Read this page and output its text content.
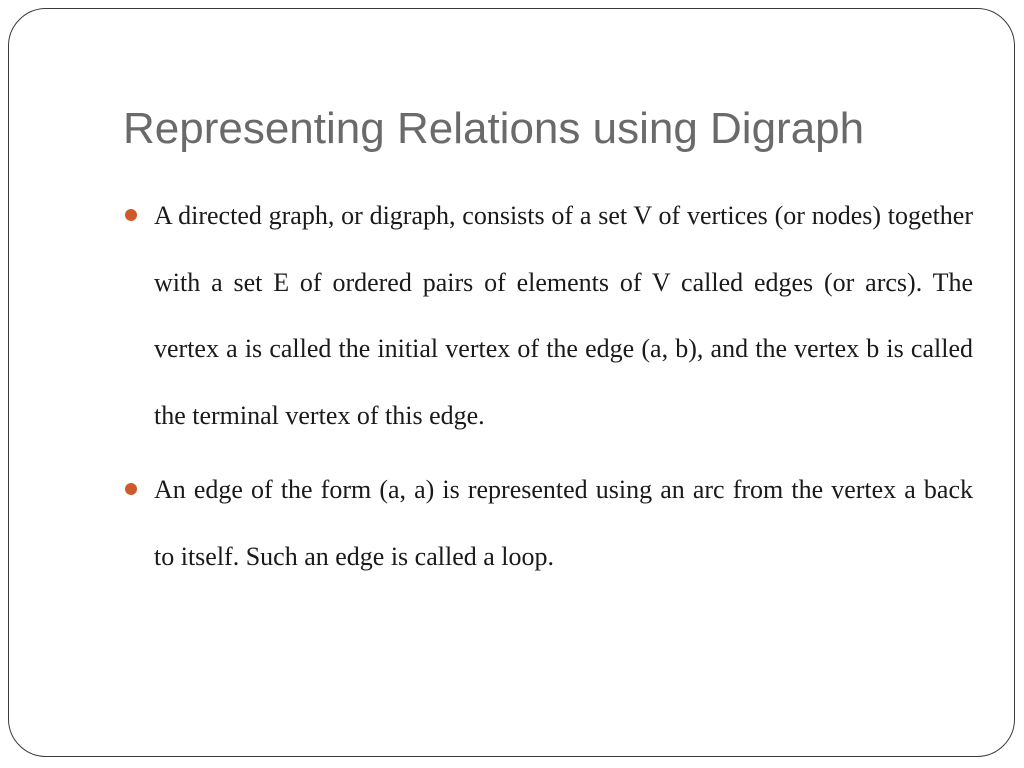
Representing Relations using Digraph
A directed graph, or digraph, consists of a set V of vertices (or nodes) together with a set E of ordered pairs of elements of V called edges (or arcs). The vertex a is called the initial vertex of the edge (a, b), and the vertex b is called the terminal vertex of this edge.
An edge of the form (a, a) is represented using an arc from the vertex a back to itself. Such an edge is called a loop.
